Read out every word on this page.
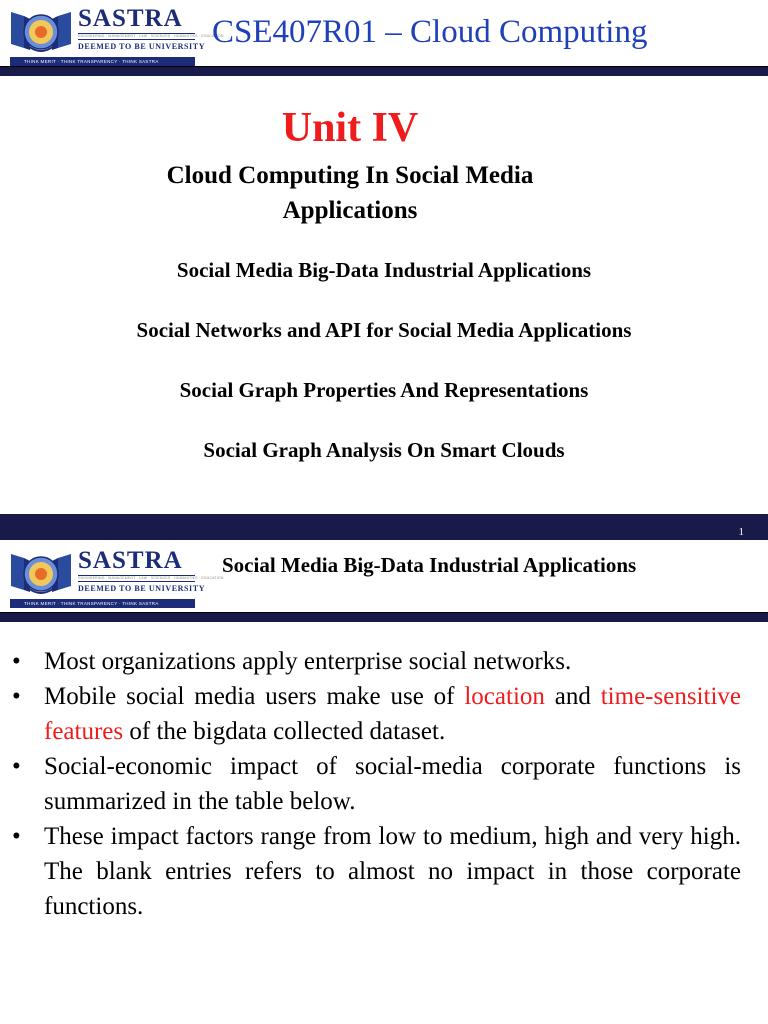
SASTRA
ENGINEERING · MANAGEMENT · LAW · SCIENCES · HUMANITIES · EDUCATION
DEEMED TO BE UNIVERSITY
THINK MERIT · THINK TRANSPARENCY · THINK SASTRA
CSE407R01 – Cloud Computing
Unit IV
Cloud Computing In Social Media Applications
Social Media Big-Data Industrial Applications
Social Networks and API for Social Media Applications
Social Graph Properties And Representations
Social Graph Analysis On Smart Clouds
1
SASTRA
ENGINEERING · MANAGEMENT · LAW · SCIENCES · HUMANITIES · EDUCATION
DEEMED TO BE UNIVERSITY
THINK MERIT · THINK TRANSPARENCY · THINK SASTRA
Social Media Big-Data Industrial Applications
• Most organizations apply enterprise social networks.
• Mobile social media users make use of location and time-sensitive features of the bigdata collected dataset.
• Social-economic impact of social-media corporate functions is summarized in the table below.
• These impact factors range from low to medium, high and very high. The blank entries refers to almost no impact in those corporate functions.
